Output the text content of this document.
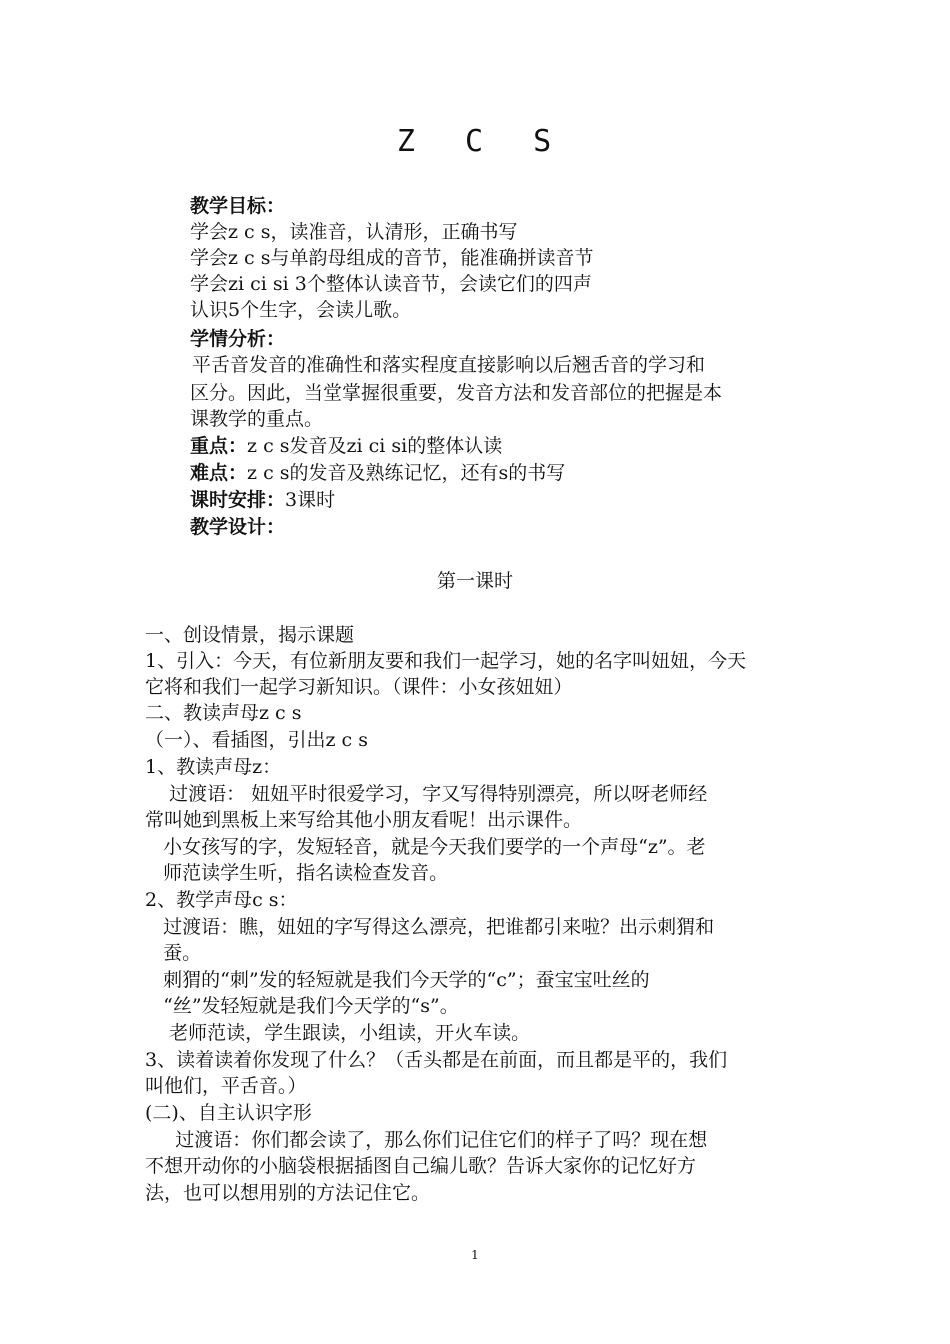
Z C S
教学目标：
学会z c s，读准音，认清形，正确书写
学会z c s与单韵母组成的音节，能准确拼读音节
学会zi ci si 3个整体认读音节，会读它们的四声
认识5个生字，会读儿歌。
学情分析：
平舌音发音的准确性和落实程度直接影响以后翘舌音的学习和
区分。因此，当堂掌握很重要，发音方法和发音部位的把握是本
课教学的重点。
重点：z c s发音及zi ci si的整体认读
难点：z c s的发音及熟练记忆，还有s的书写
课时安排：3课时
教学设计：
第一课时
一、创设情景，揭示课题
1、引入：今天，有位新朋友要和我们一起学习，她的名字叫妞妞，今天
它将和我们一起学习新知识。（课件：小女孩妞妞）
二、教读声母z c s
（一）、看插图，引出z c s
1、教读声母z：
过渡语： 妞妞平时很爱学习，字又写得特别漂亮，所以呀老师经
常叫她到黑板上来写给其他小朋友看呢！出示课件。
小女孩写的字，发短轻音，就是今天我们要学的一个声母“z”。老
师范读学生听，指名读检查发音。
2、教学声母c s：
过渡语：瞧，妞妞的字写得这么漂亮，把谁都引来啦？出示刺猬和
蚕。
刺猬的“刺”发的轻短就是我们今天学的“c”；蚕宝宝吐丝的
“丝”发轻短就是我们今天学的“s”。
老师范读，学生跟读，小组读，开火车读。
3、读着读着你发现了什么？（舌头都是在前面，而且都是平的，我们
叫他们，平舌音。）
(二)、自主认识字形
过渡语：你们都会读了，那么你们记住它们的样子了吗？现在想
不想开动你的小脑袋根据插图自己编儿歌？告诉大家你的记忆好方
法，也可以想用别的方法记住它。
1
